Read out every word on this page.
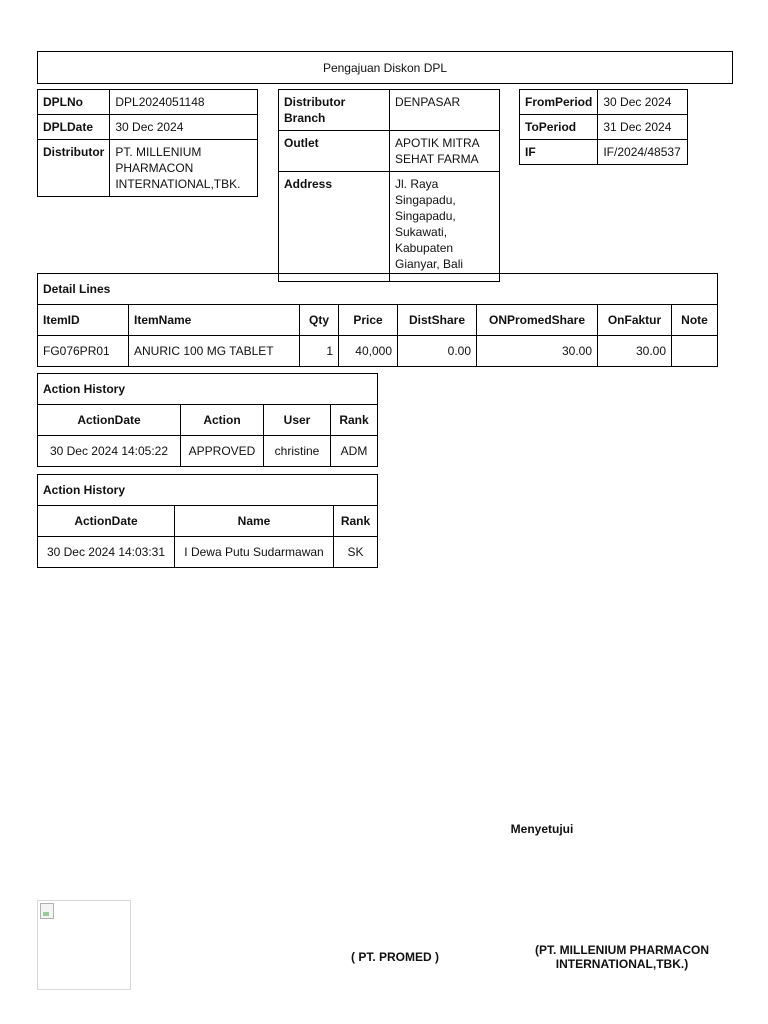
Pengajuan Diskon DPL
DPLNo	DPL2024051148
DPLDate	30 Dec 2024
Distributor	PT. MILLENIUM PHARMACON INTERNATIONAL,TBK.
Distributor Branch	DENPASAR
Outlet	APOTIK MITRA SEHAT FARMA
Address	Jl. Raya Singapadu, Singapadu, Sukawati, Kabupaten Gianyar, Bali
FromPeriod	30 Dec 2024
ToPeriod	31 Dec 2024
IF	IF/2024/48537
Detail Lines							
ItemID	ItemName	Qty	Price	DistShare	ONPromedShare	OnFaktur	Note
FG076PR01	ANURIC 100 MG TABLET	1	40,000	0.00	30.00	30.00	
Action History			
ActionDate	Action	User	Rank
30 Dec 2024 14:05:22	APPROVED	christine	ADM
Action History		
ActionDate	Name	Rank
30 Dec 2024 14:03:31	I Dewa Putu Sudarmawan	SK
Menyetujui
( PT. PROMED )	(PT. MILLENIUM PHARMACON INTERNATIONAL,TBK.)
